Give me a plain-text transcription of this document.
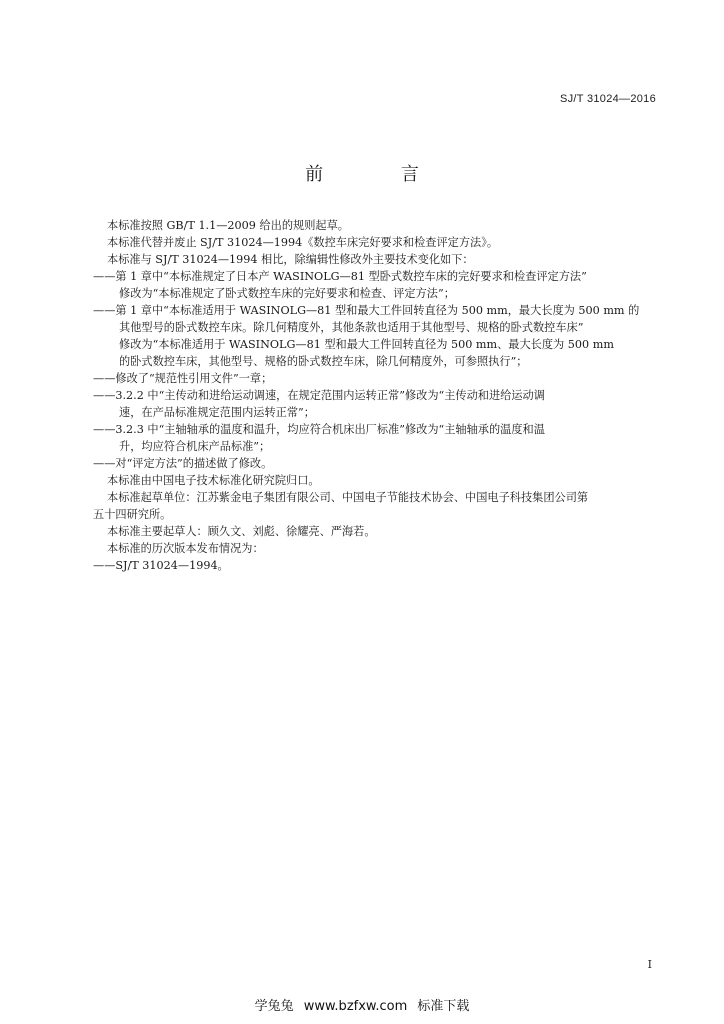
SJ/T 31024—2016
前 言
本标准按照 GB/T 1.1—2009 给出的规则起草。
本标准代替并废止 SJ/T 31024—1994《数控车床完好要求和检查评定方法》。
本标准与 SJ/T 31024—1994 相比，除编辑性修改外主要技术变化如下：
——第 1 章中“本标准规定了日本产 WASINOLG—81 型卧式数控车床的完好要求和检查评定方法”
修改为“本标准规定了卧式数控车床的完好要求和检查、评定方法”；
——第 1 章中“本标准适用于 WASINOLG—81 型和最大工件回转直径为 500 mm，最大长度为 500 mm 的
其他型号的卧式数控车床。除几何精度外，其他条款也适用于其他型号、规格的卧式数控车床”
修改为“本标准适用于 WASINOLG—81 型和最大工件回转直径为 500 mm、最大长度为 500 mm
的卧式数控车床，其他型号、规格的卧式数控车床，除几何精度外，可参照执行”；
——修改了“规范性引用文件”一章；
——3.2.2 中“主传动和进给运动调速，在规定范围内运转正常”修改为“主传动和进给运动调
速，在产品标准规定范围内运转正常”；
——3.2.3 中“主轴轴承的温度和温升，均应符合机床出厂标准”修改为“主轴轴承的温度和温
升，均应符合机床产品标准”；
——对“评定方法”的描述做了修改。
本标准由中国电子技术标准化研究院归口。
本标准起草单位：江苏紫金电子集团有限公司、中国电子节能技术协会、中国电子科技集团公司第
五十四研究所。
本标准主要起草人：顾久文、刘彪、徐耀亮、严海若。
本标准的历次版本发布情况为：
——SJ/T 31024—1994。
I
学兔兔 www.bzfxw.com 标准下载
